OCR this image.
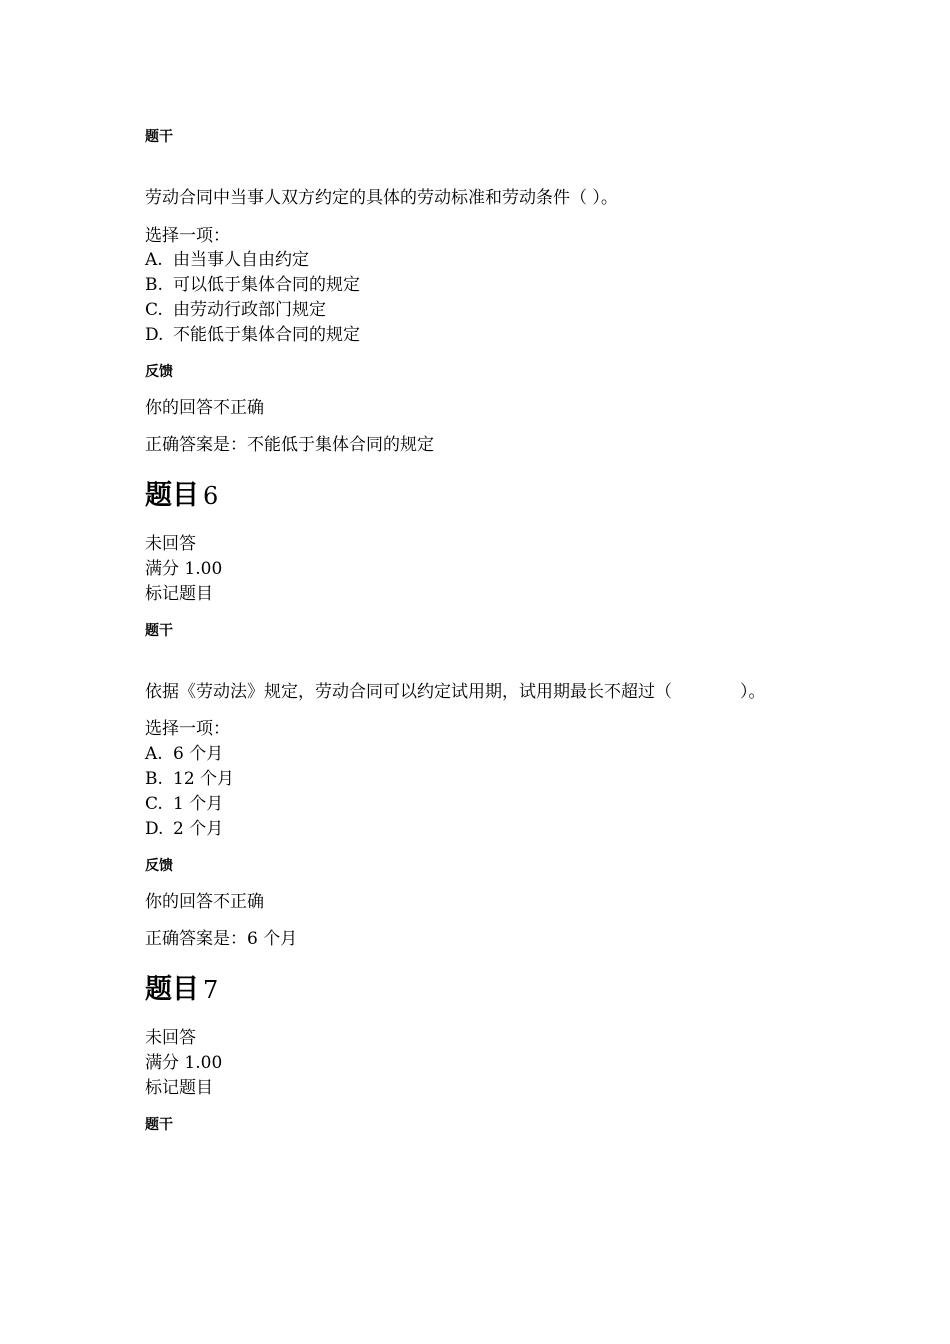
题干
劳动合同中当事人双方约定的具体的劳动标准和劳动条件（ ）。
选择一项：
A. 由当事人自由约定
B. 可以低于集体合同的规定
C. 由劳动行政部门规定
D. 不能低于集体合同的规定
反馈
你的回答不正确
正确答案是：不能低于集体合同的规定
题目 6
未回答
满分 1.00
标记题目
题干
依据《劳动法》规定，劳动合同可以约定试用期，试用期最长不超过（　　　　）。
选择一项：
A. 6 个月
B. 12 个月
C. 1 个月
D. 2 个月
反馈
你的回答不正确
正确答案是：6 个月
题目 7
未回答
满分 1.00
标记题目
题干
